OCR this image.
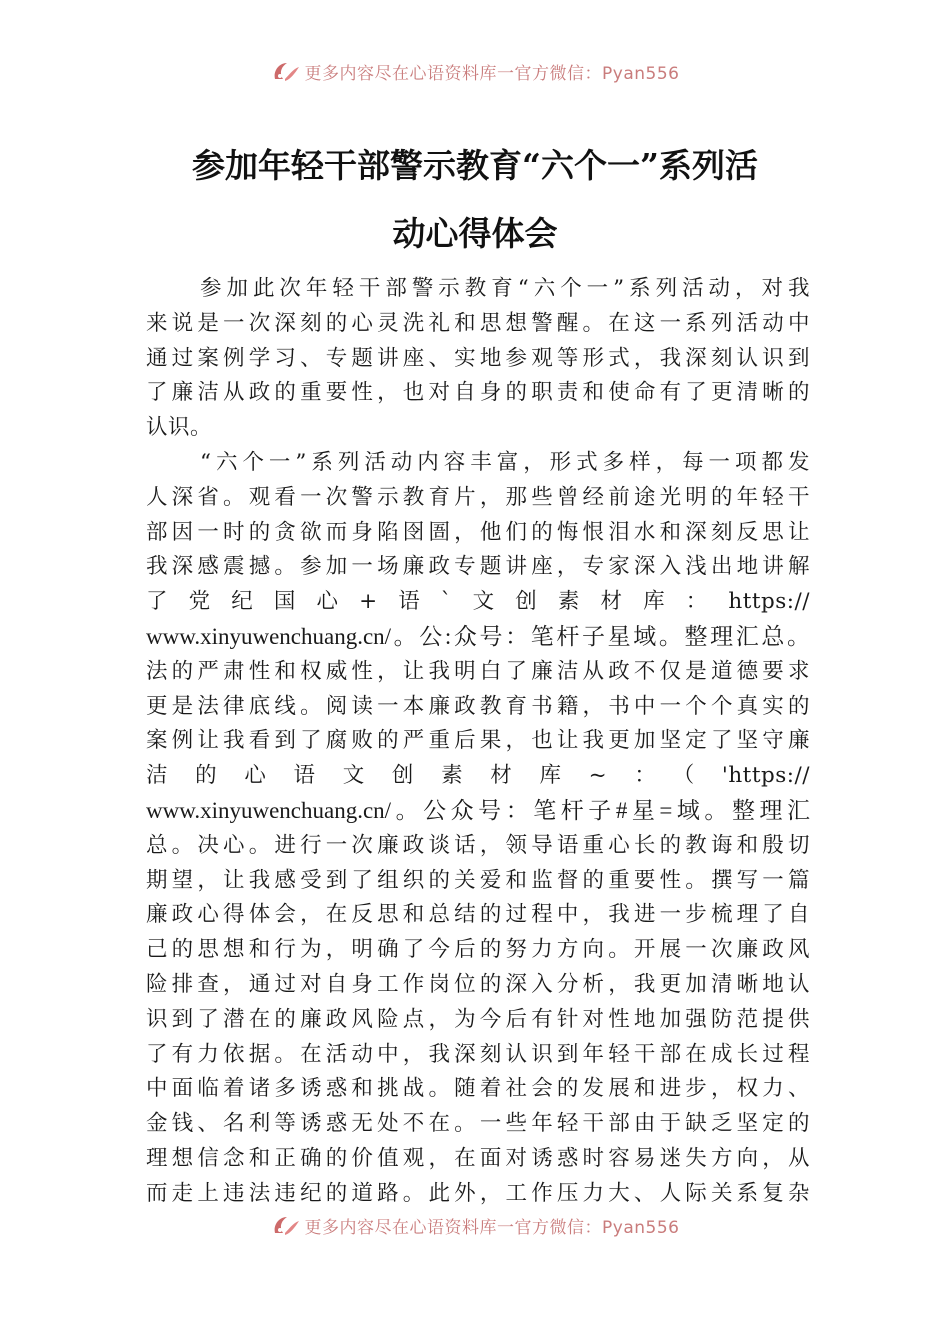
更多内容尽在心语资料库一官方微信：Pyan556
参加年轻干部警示教育“六个一”系列活
动心得体会
参加此次年轻干部警示教育“六个一”系列活动，对我
来说是一次深刻的心灵洗礼和思想警醒。在这一系列活动中
通过案例学习、专题讲座、实地参观等形式，我深刻认识到
了廉洁从政的重要性，也对自身的职责和使命有了更清晰的
认识。
“六个一”系列活动内容丰富，形式多样，每一项都发
人深省。观看一次警示教育片，那些曾经前途光明的年轻干
部因一时的贪欲而身陷囹圄，他们的悔恨泪水和深刻反思让
我深感震撼。参加一场廉政专题讲座，专家深入浅出地讲解
了党纪国心+语`文创素材库：https://
www.xinyuwenchuang.cn/。公:众号：笔杆子星域。整理汇总。
法的严肃性和权威性，让我明白了廉洁从政不仅是道德要求
更是法律底线。阅读一本廉政教育书籍，书中一个个真实的
案例让我看到了腐败的严重后果，也让我更加坚定了坚守廉
洁的心语文创素材库~：（'https://
www.xinyuwenchuang.cn/。公众号：笔杆子#星=域。整理汇
总。决心。进行一次廉政谈话，领导语重心长的教诲和殷切
期望，让我感受到了组织的关爱和监督的重要性。撰写一篇
廉政心得体会，在反思和总结的过程中，我进一步梳理了自
己的思想和行为，明确了今后的努力方向。开展一次廉政风
险排查，通过对自身工作岗位的深入分析，我更加清晰地认
识到了潜在的廉政风险点，为今后有针对性地加强防范提供
了有力依据。在活动中，我深刻认识到年轻干部在成长过程
中面临着诸多诱惑和挑战。随着社会的发展和进步，权力、
金钱、名利等诱惑无处不在。一些年轻干部由于缺乏坚定的
理想信念和正确的价值观，在面对诱惑时容易迷失方向，从
而走上违法违纪的道路。此外，工作压力大、人际关系复杂
更多内容尽在心语资料库一官方微信：Pyan556
